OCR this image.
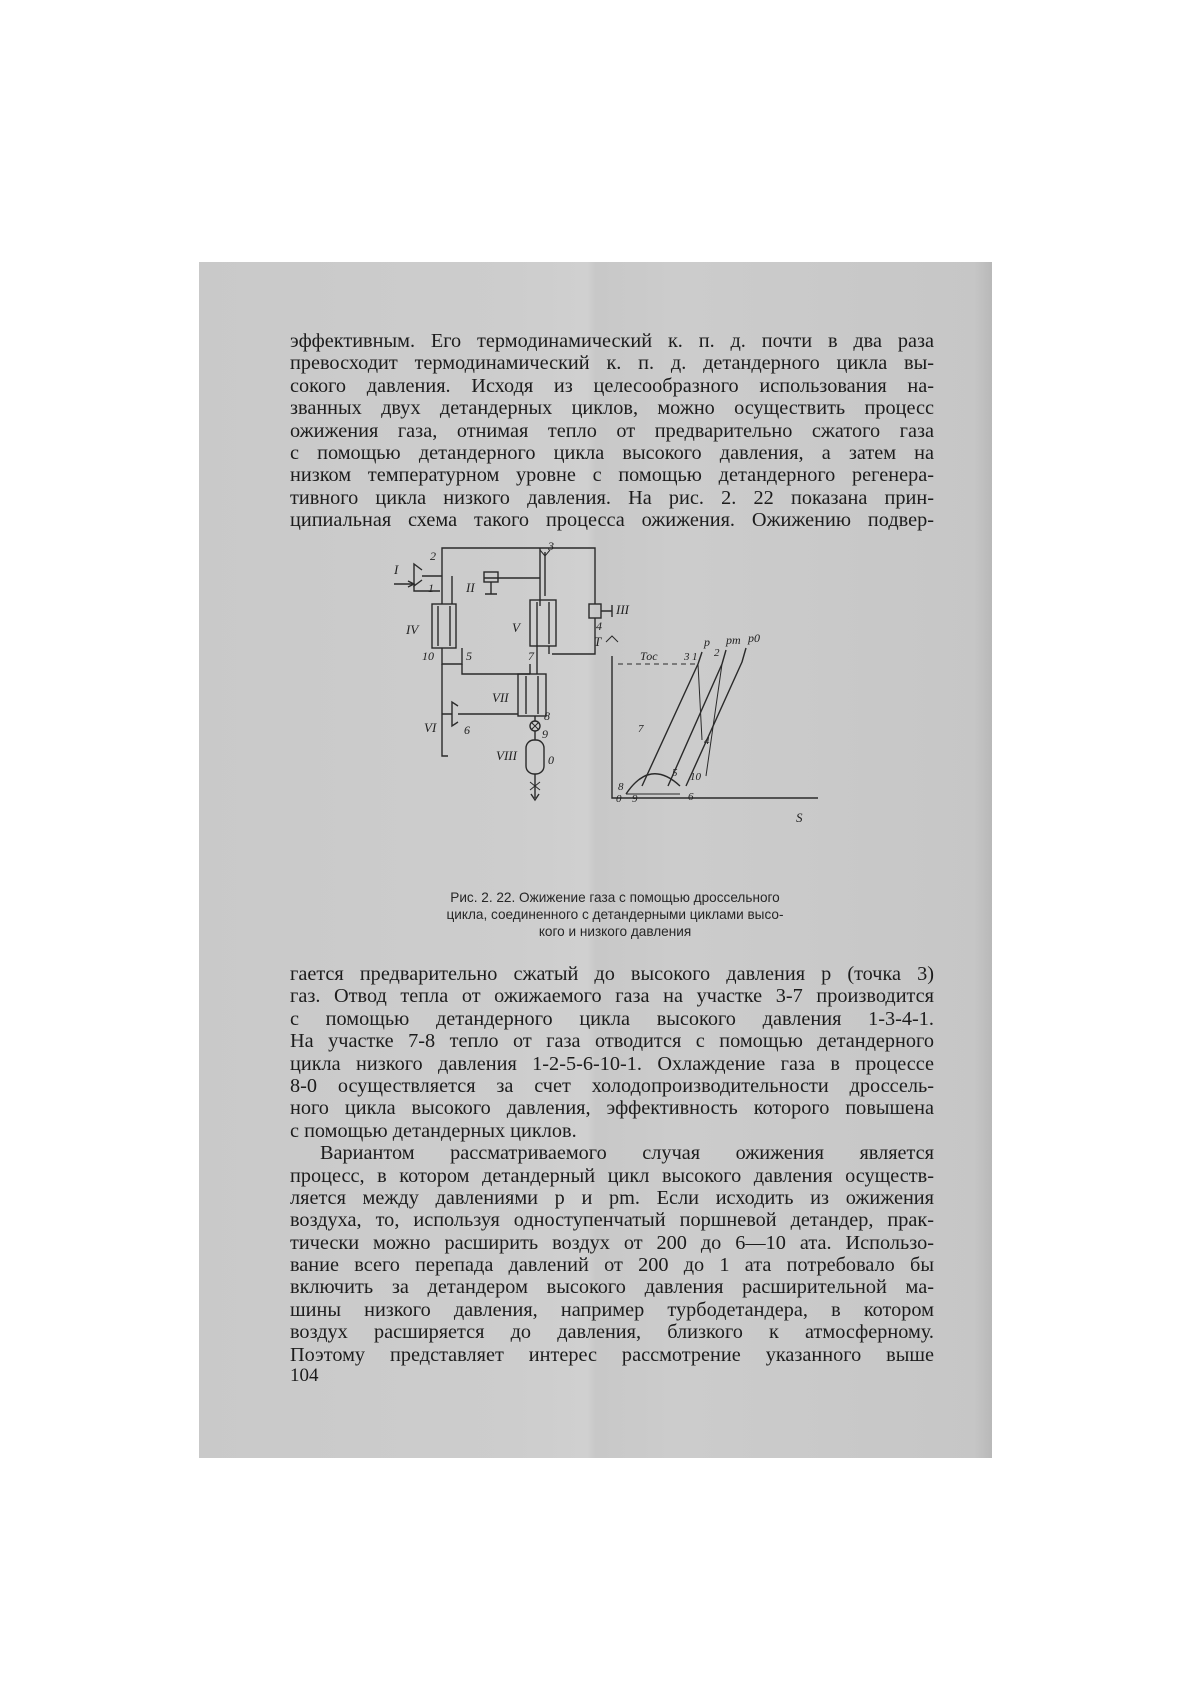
эффективным. Его термодинамический к. п. д. почти в два раза
превосходит термодинамический к. п. д. детандерного цикла вы-
сокого давления. Исходя из целесообразного использования на-
званных двух детандерных циклов, можно осуществить процесс
ожижения газа, отнимая тепло от предварительно сжатого газа
с помощью детандерного цикла высокого давления, а затем на
низком температурном уровне с помощью детандерного регенера-
тивного цикла низкого давления. На рис. 2. 22 показана прин-
ципиальная схема такого процесса ожижения. Ожижению подвер-
I
II
III
IV	V
VI
VII
VIII
1
2
3
4
5
6
7
8
9
10
0
T
S
Тос
p pm p0
3 1 2
7
4
5 10
6
8
0 9
Рис. 2. 22. Ожижение газа с помощью дроссельного
цикла, соединенного с детандерными циклами высо-
кого и низкого давления
гается предварительно сжатый до высокого давления p (точка 3)
газ. Отвод тепла от ожижаемого газа на участке 3-7 производится
с помощью детандерного цикла высокого давления 1-3-4-1.
На участке 7-8 тепло от газа отводится с помощью детандерного
цикла низкого давления 1-2-5-6-10-1. Охлаждение газа в процессе
8-0 осуществляется за счет холодопроизводительности дроссель-
ного цикла высокого давления, эффективность которого повышена
с помощью детандерных циклов.
Вариантом рассматриваемого случая ожижения является
процесс, в котором детандерный цикл высокого давления осуществ-
ляется между давлениями p и pm. Если исходить из ожижения
воздуха, то, используя одноступенчатый поршневой детандер, прак-
тически можно расширить воздух от 200 до 6—10 ата. Использо-
вание всего перепада давлений от 200 до 1 ата потребовало бы
включить за детандером высокого давления расширительной ма-
шины низкого давления, например турбодетандера, в котором
воздух расширяется до давления, близкого к атмосферному.
Поэтому представляет интерес рассмотрение указанного выше
104
